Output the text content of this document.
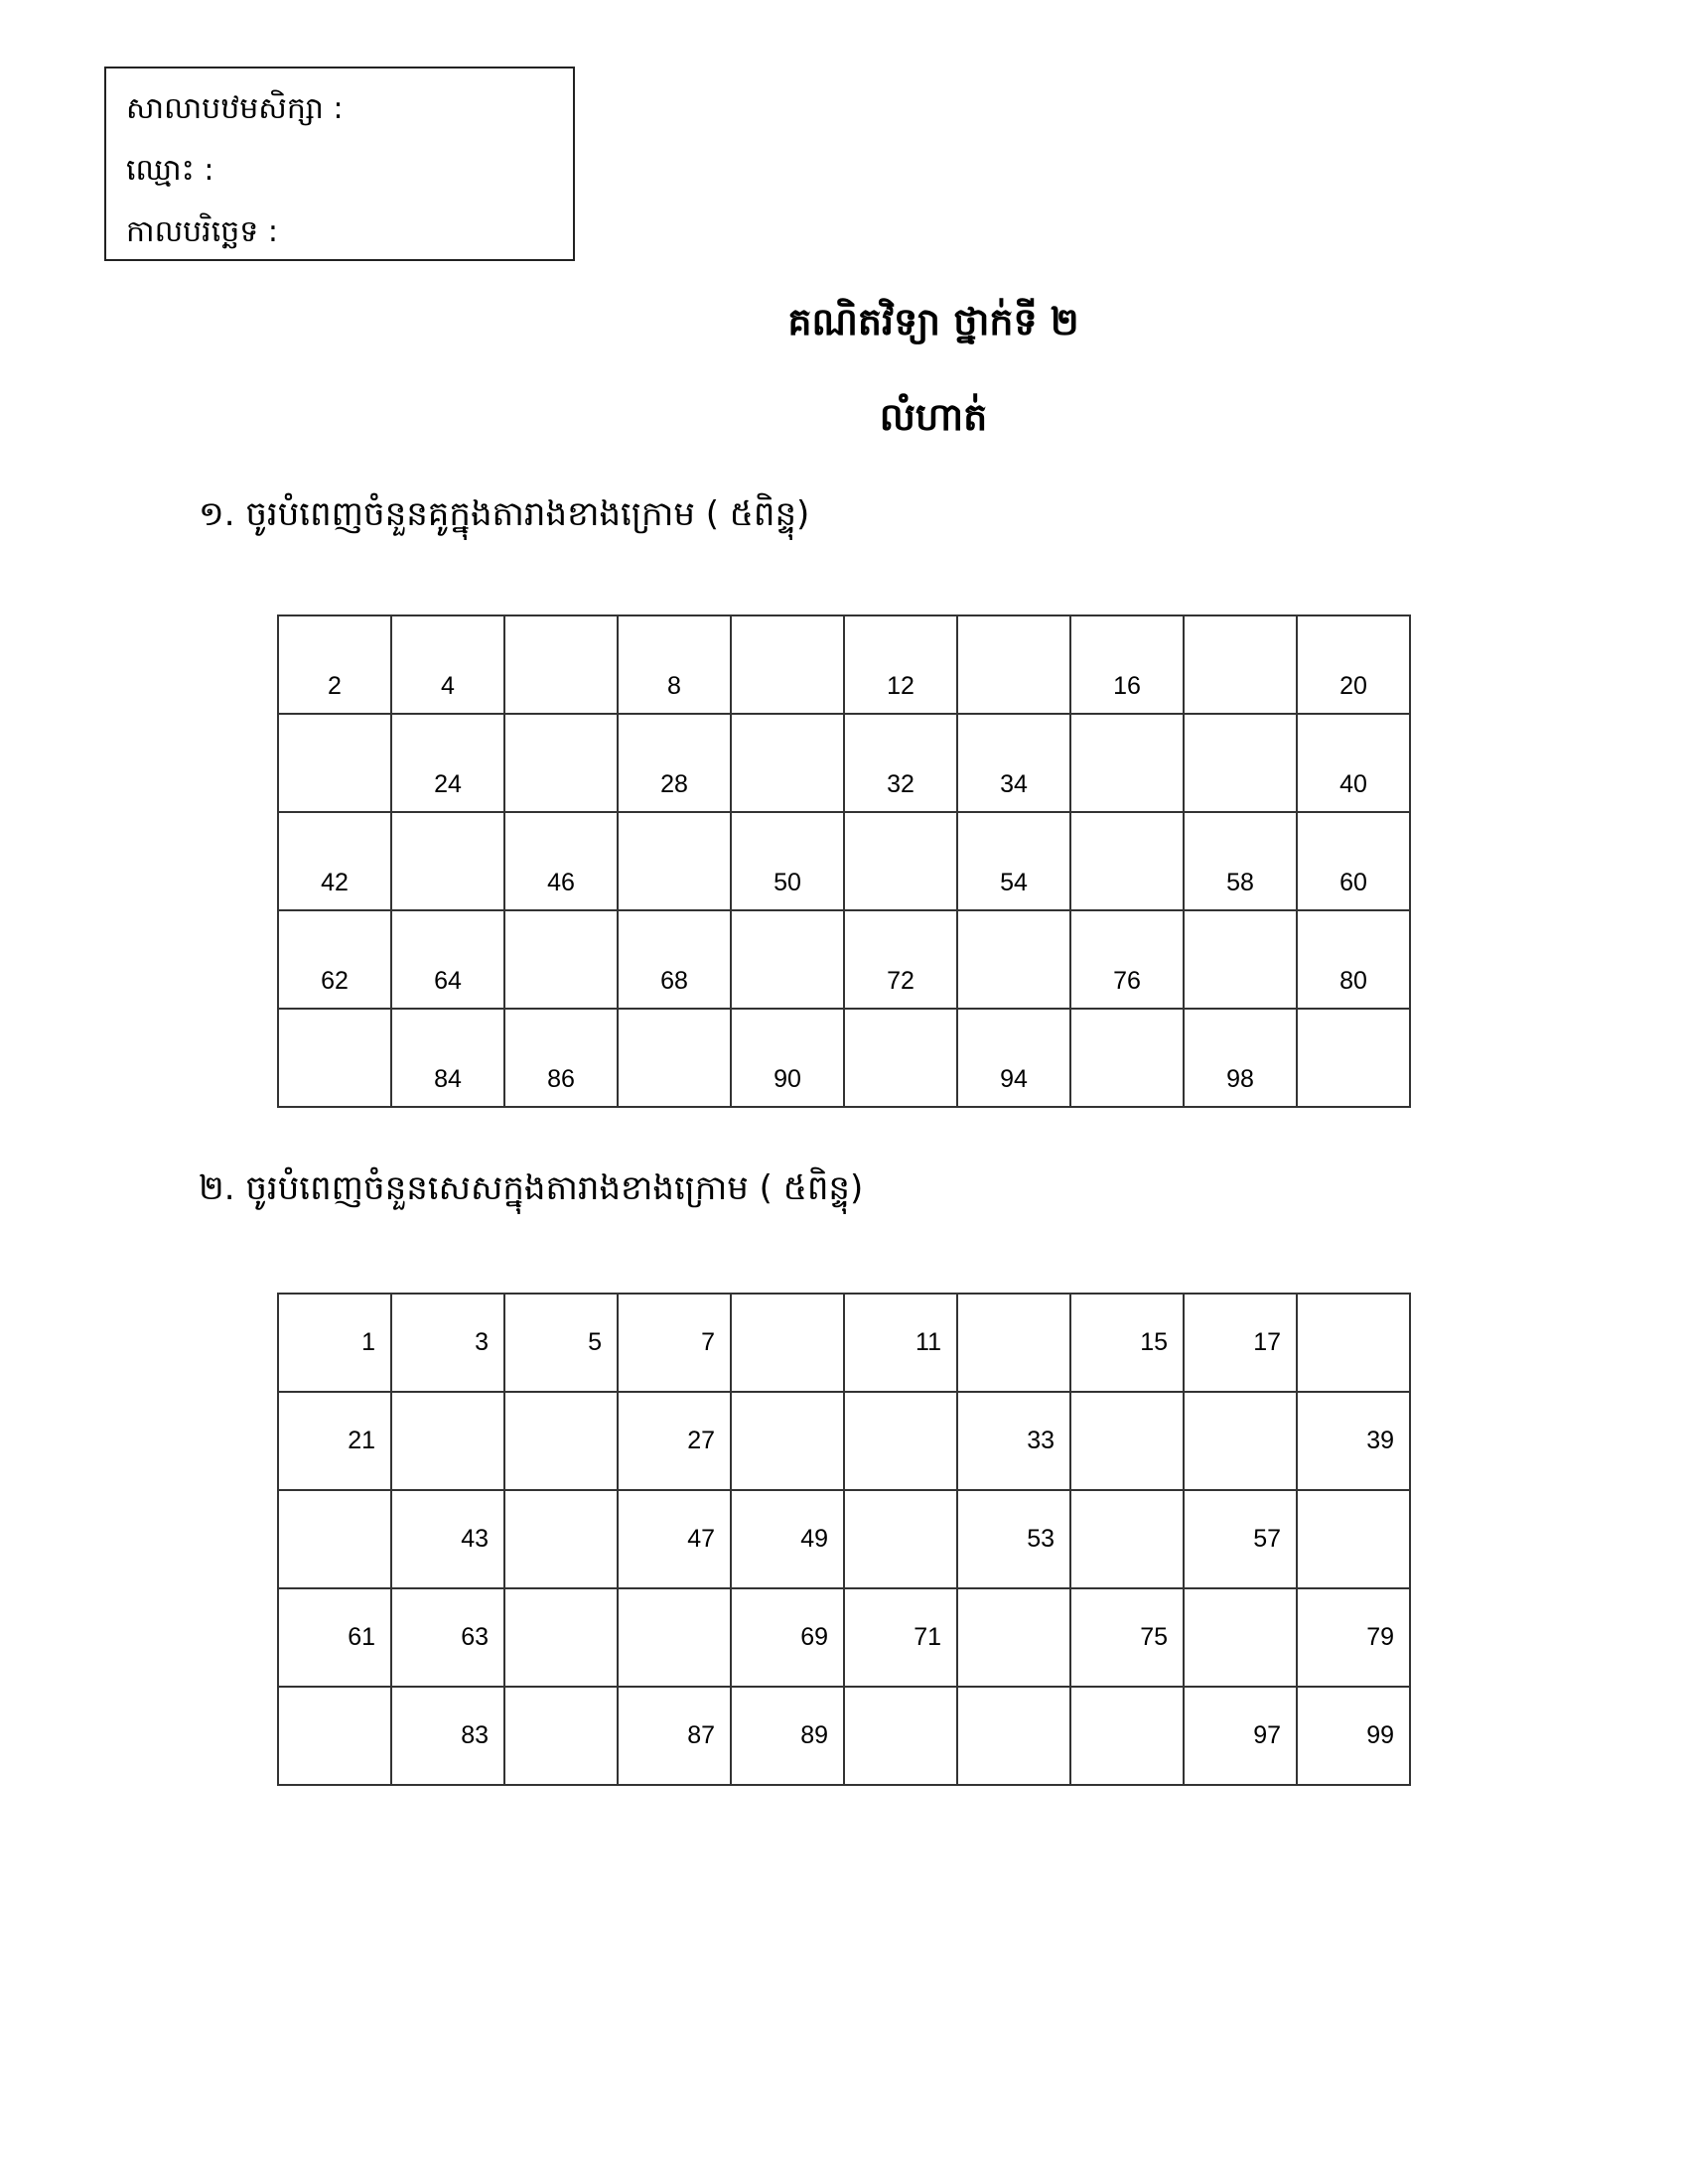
សាលាបឋមសិក្សា :
ឈ្មោះ :
កាលបរិច្ឆេទ :
គណិតវិទ្យា ថ្នាក់ទី ២
លំហាត់
១. ចូរបំពេញចំនួនគូក្នុងតារាងខាងក្រោម ( ៥ពិន្ទុ)
2	4		8		12		16		20
	24		28		32	34			40
42		46		50		54		58	60
62	64		68		72		76		80
	84	86		90		94		98	
២. ចូរបំពេញចំនួនសេសក្នុងតារាងខាងក្រោម ( ៥ពិន្ទុ)
1	3	5	7		11		15	17	
21			27			33			39
	43		47	49		53		57	
61	63			69	71		75		79
	83		87	89				97	99
